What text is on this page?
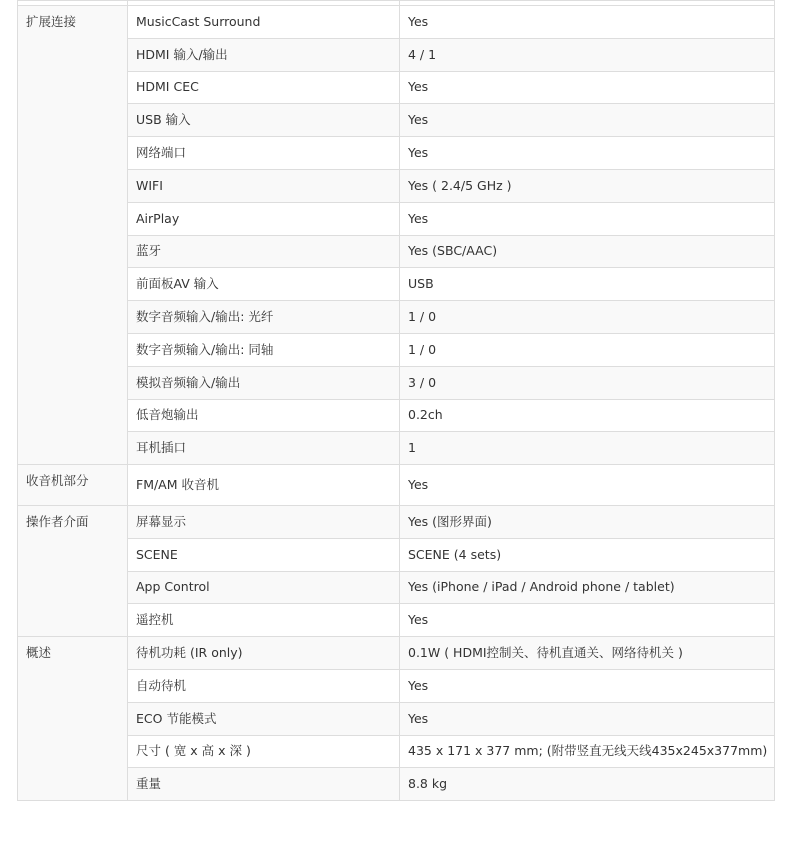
扩展连接	MusicCast Surround	Yes
	HDMI 输入/输出	4 / 1
	HDMI CEC	Yes
	USB 输入	Yes
	网络端口	Yes
	WIFI	Yes ( 2.4/5 GHz )
	AirPlay	Yes
	蓝牙	Yes (SBC/AAC)
	前面板AV 输入	USB
	数字音频输入/输出: 光纤	1 / 0
	数字音频输入/输出: 同轴	1 / 0
	模拟音频输入/输出	3 / 0
	低音炮输出	0.2ch
	耳机插口	1
收音机部分	FM/AM 收音机	Yes
操作者介面	屏幕显示	Yes (图形界面)
	SCENE	SCENE (4 sets)
	App Control	Yes (iPhone / iPad / Android phone / tablet)
	遥控机	Yes
概述	待机功耗 (IR only)	0.1W ( HDMI控制关、待机直通关、网络待机关 )
	自动待机	Yes
	ECO 节能模式	Yes
	尺寸 ( 宽 x 高 x 深 )	435 x 171 x 377 mm; (附带竖直无线天线435x245x377mm)
	重量	8.8 kg
